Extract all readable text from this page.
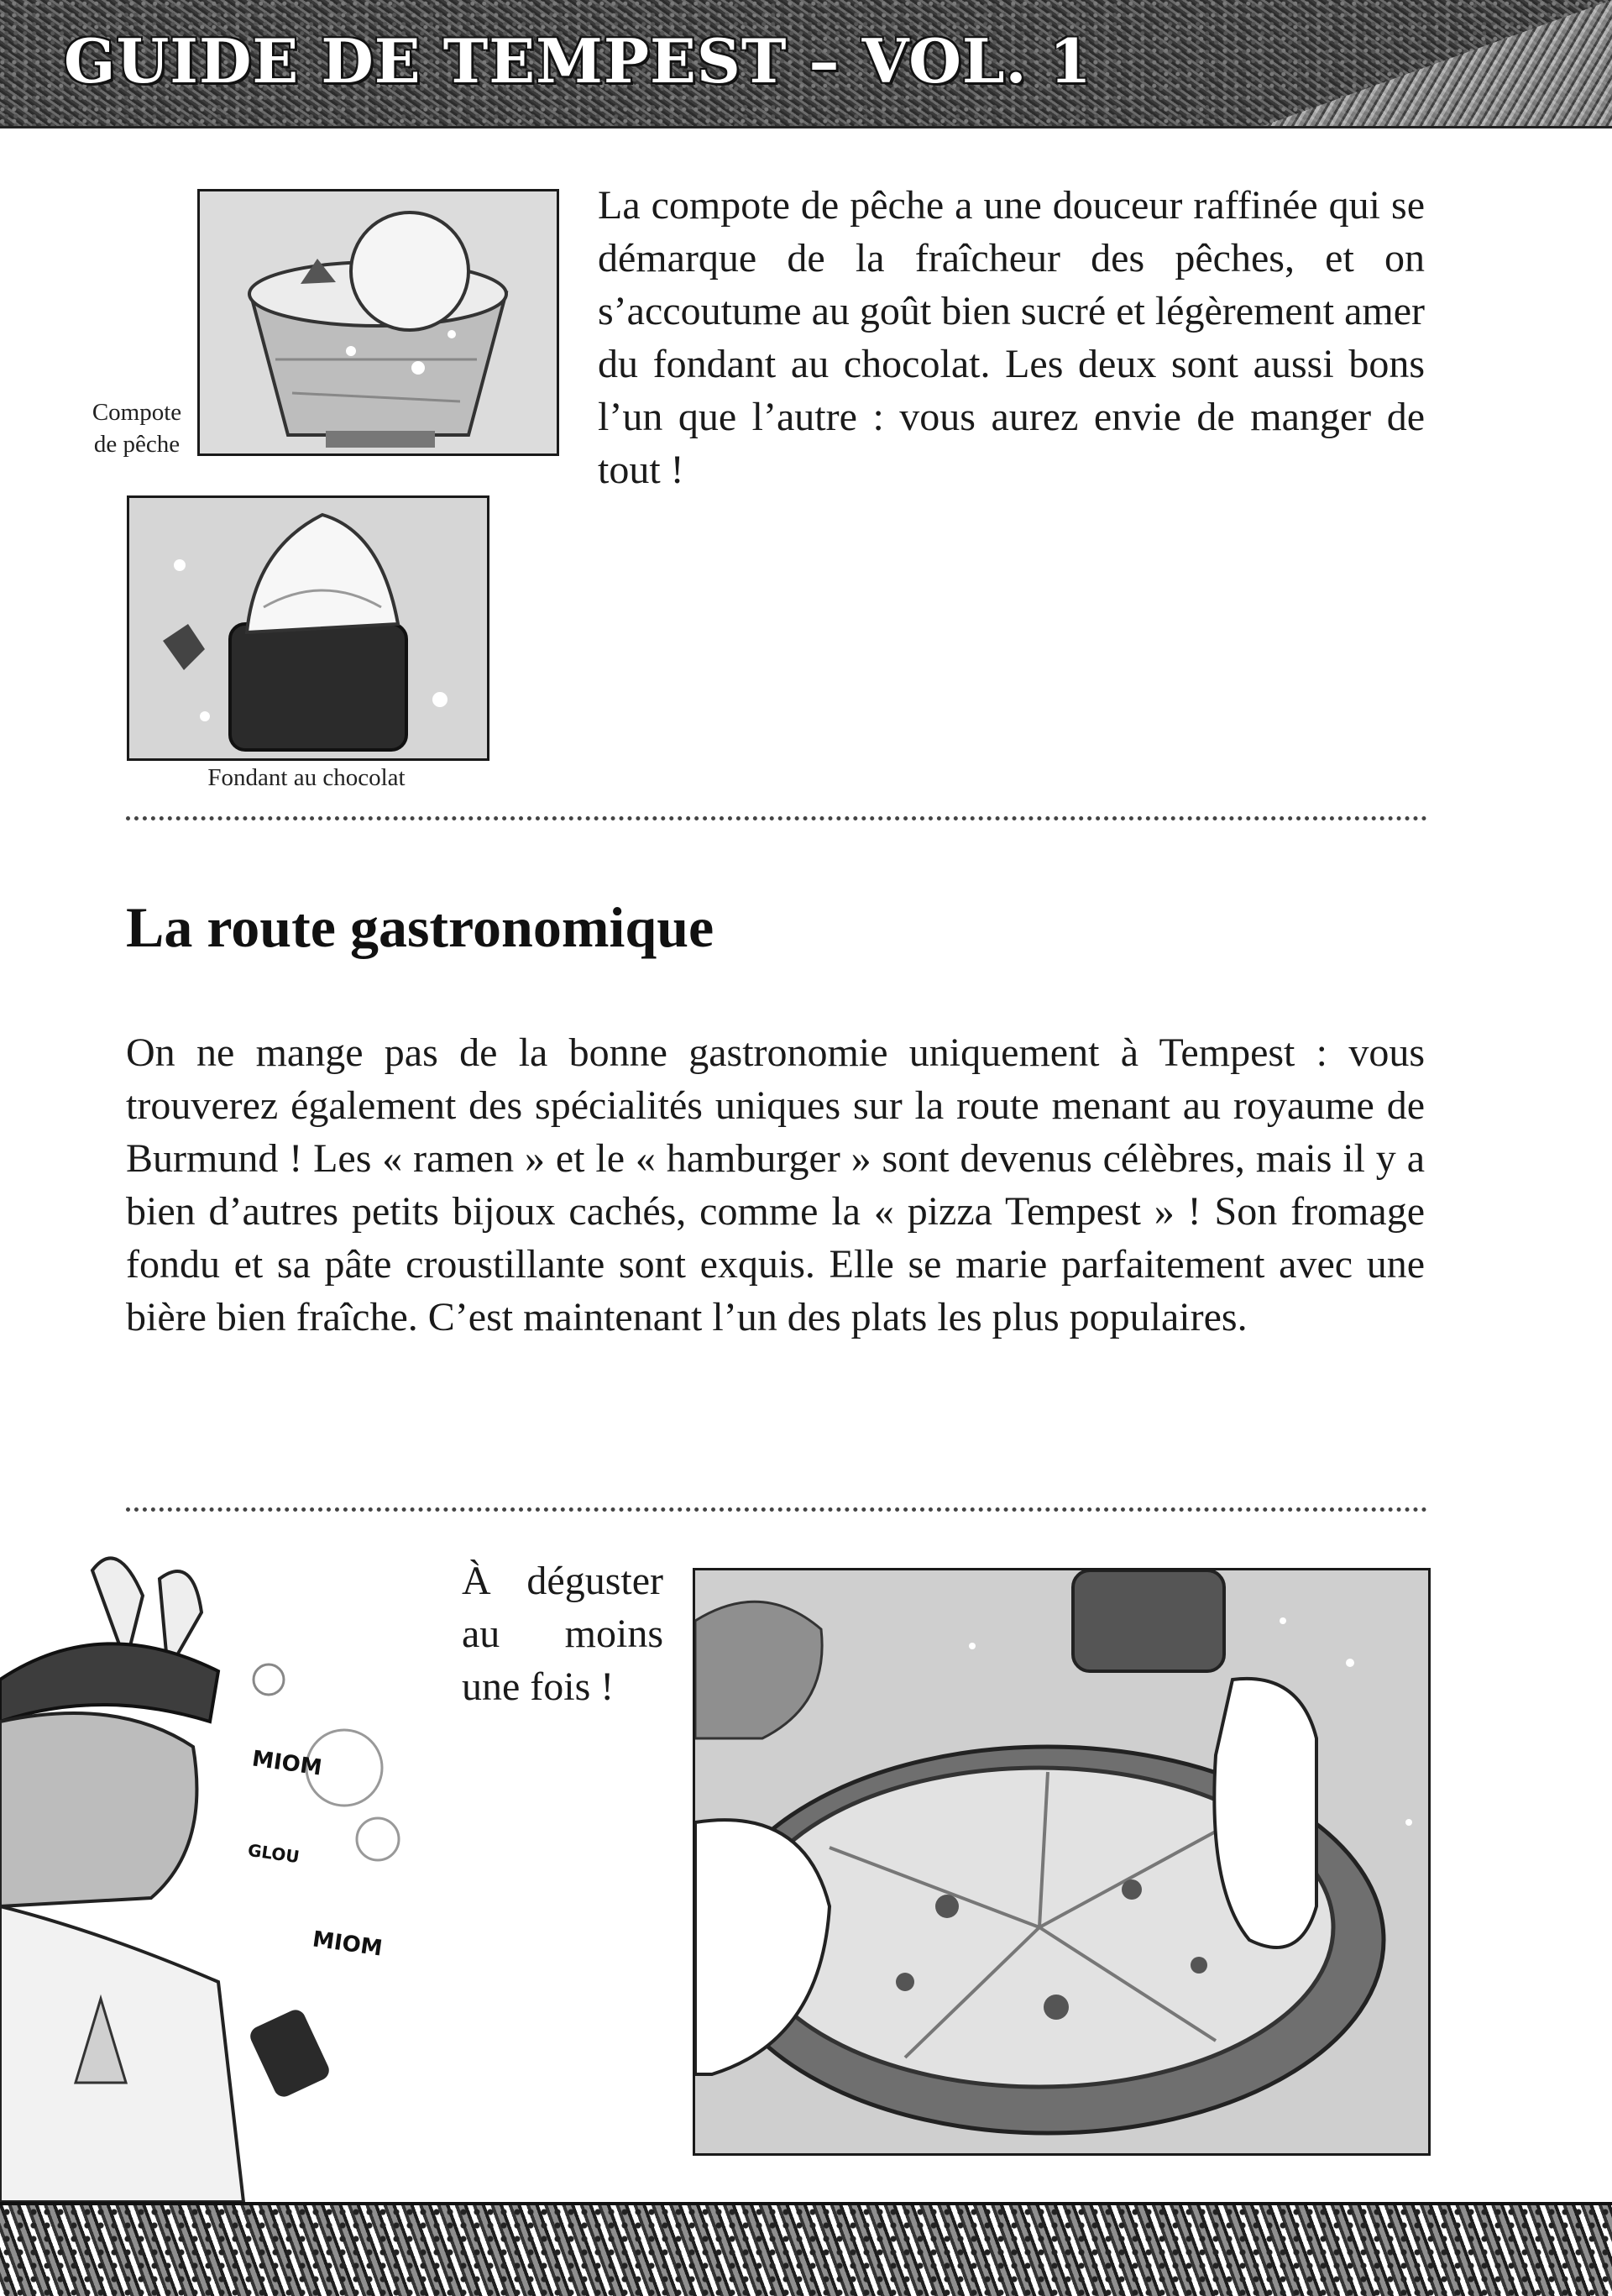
GUIDE DE TEMPEST – VOL. 1
Compote
de pêche
Fondant au chocolat

La compote de pêche a une douceur raffinée qui se démarque de la fraîcheur des pêches, et on s’accoutume au goût bien sucré et légèrement amer du fondant au chocolat. Les deux sont aussi bons l’un que l’autre : vous aurez envie de manger de tout !

La route gastronomique

On ne mange pas de la bonne gastronomie uniquement à Tempest : vous trouverez également des spécialités uniques sur la route menant au royaume de Burmund ! Les « ramen » et le « hamburger » sont devenus célèbres, mais il y a bien d’autres petits bijoux cachés, comme la « pizza Tempest » ! Son fromage fondu et sa pâte croustillante sont exquis. Elle se marie parfaitement avec une bière bien fraîche. C’est maintenant l’un des plats les plus populaires.

MIOM
GLOU
MIOM

À déguster au moins une fois !
